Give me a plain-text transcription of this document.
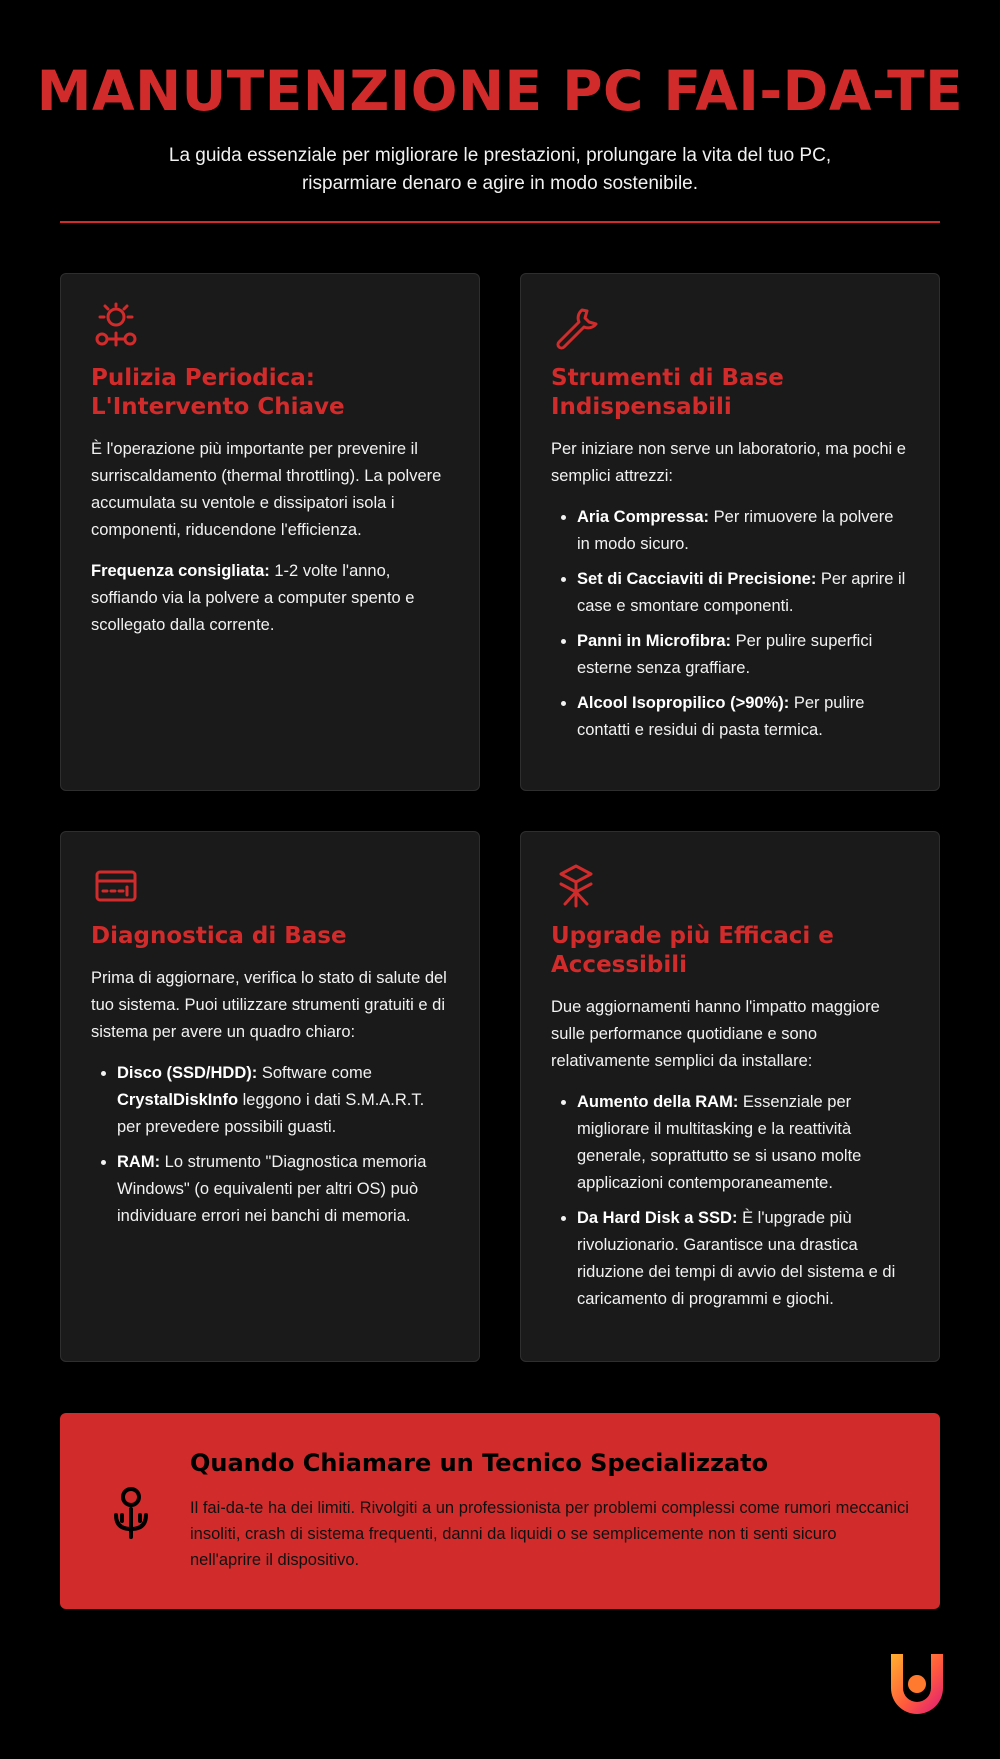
MANUTENZIONE PC FAI-DA-TE
La guida essenziale per migliorare le prestazioni, prolungare la vita del tuo PC,
risparmiare denaro e agire in modo sostenibile.
Pulizia Periodica: L'Intervento Chiave

È l'operazione più importante per prevenire il surriscaldamento (thermal throttling). La polvere accumulata su ventole e dissipatori isola i componenti, riducendone l'efficienza.

Frequenza consigliata: 1-2 volte l'anno, soffiando via la polvere a computer spento e scollegato dalla corrente.

Strumenti di Base Indispensabili

Per iniziare non serve un laboratorio, ma pochi e semplici attrezzi:

• Aria Compressa: Per rimuovere la polvere in modo sicuro.
• Set di Cacciaviti di Precisione: Per aprire il case e smontare componenti.
• Panni in Microfibra: Per pulire superfici esterne senza graffiare.
• Alcool Isopropilico (>90%): Per pulire contatti e residui di pasta termica.
Diagnostica di Base

Prima di aggiornare, verifica lo stato di salute del tuo sistema. Puoi utilizzare strumenti gratuiti e di sistema per avere un quadro chiaro:

• Disco (SSD/HDD): Software come CrystalDiskInfo leggono i dati S.M.A.R.T. per prevedere possibili guasti.
• RAM: Lo strumento "Diagnostica memoria Windows" (o equivalenti per altri OS) può individuare errori nei banchi di memoria.
Upgrade più Efficaci e Accessibili

Due aggiornamenti hanno l'impatto maggiore sulle performance quotidiane e sono relativamente semplici da installare:

• Aumento della RAM: Essenziale per migliorare il multitasking e la reattività generale, soprattutto se si usano molte applicazioni contemporaneamente.
• Da Hard Disk a SSD: È l'upgrade più rivoluzionario. Garantisce una drastica riduzione dei tempi di avvio del sistema e di caricamento di programmi e giochi.
Quando Chiamare un Tecnico Specializzato

Il fai-da-te ha dei limiti. Rivolgiti a un professionista per problemi complessi come rumori meccanici insoliti, crash di sistema frequenti, danni da liquidi o se semplicemente non ti senti sicuro nell'aprire il dispositivo.
